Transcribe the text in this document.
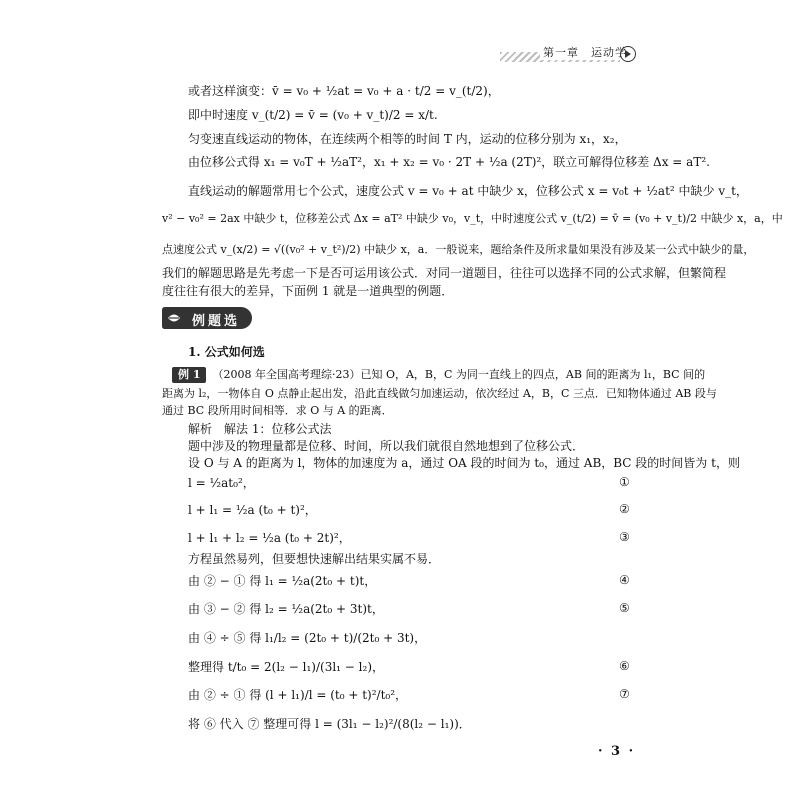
第一章　运动学
或者这样演变：v̄ = v₀ + ½at = v₀ + a · t/2 = v_(t/2)，
即中时速度 v_(t/2) = v̄ = (v₀ + v_t)/2 = x/t.
匀变速直线运动的物体，在连续两个相等的时间 T 内，运动的位移分别为 x₁，x₂，
由位移公式得 x₁ = v₀T + ½aT²，x₁ + x₂ = v₀ · 2T + ½a (2T)²，联立可解得位移差 Δx = aT².
直线运动的解题常用七个公式，速度公式 v = v₀ + at 中缺少 x，位移公式 x = v₀t + ½at² 中缺少 v_t，
v² − v₀² = 2ax 中缺少 t，位移差公式 Δx = aT² 中缺少 v₀，v_t，中时速度公式 v_(t/2) = v̄ = (v₀ + v_t)/2 中缺少 x，a，中
点速度公式 v_(x/2) = √((v₀² + v_t²)/2) 中缺少 x，a．一般说来，题给条件及所求量如果没有涉及某一公式中缺少的量，
我们的解题思路是先考虑一下是否可运用该公式．对同一道题目，往往可以选择不同的公式求解，但繁简程
度往往有很大的差异，下面例 1 就是一道典型的例题．
例题选
1. 公式如何选
例 1 （2008 年全国高考理综·23）已知 O，A，B，C 为同一直线上的四点，AB 间的距离为 l₁，BC 间的
距离为 l₂，一物体自 O 点静止起出发，沿此直线做匀加速运动，依次经过 A，B，C 三点．已知物体通过 AB 段与
通过 BC 段所用时间相等．求 O 与 A 的距离．
解析　解法 1：位移公式法
题中涉及的物理量都是位移、时间，所以我们就很自然地想到了位移公式．
设 O 与 A 的距离为 l，物体的加速度为 a，通过 OA 段的时间为 t₀，通过 AB，BC 段的时间皆为 t，则
l = ½at₀²，	①
l + l₁ = ½a (t₀ + t)²，	②
l + l₁ + l₂ = ½a (t₀ + 2t)²，	③
方程虽然易列，但要想快速解出结果实属不易．
由 ② − ① 得 l₁ = ½a(2t₀ + t)t，	④
由 ③ − ② 得 l₂ = ½a(2t₀ + 3t)t，	⑤
由 ④ ÷ ⑤ 得 l₁/l₂ = (2t₀ + t)/(2t₀ + 3t)，
整理得 t/t₀ = 2(l₂ − l₁)/(3l₁ − l₂)，	⑥
由 ② ÷ ① 得 (l + l₁)/l = (t₀ + t)²/t₀²，	⑦
将 ⑥ 代入 ⑦ 整理可得 l = (3l₁ − l₂)²/(8(l₂ − l₁))．
· 3 ·
